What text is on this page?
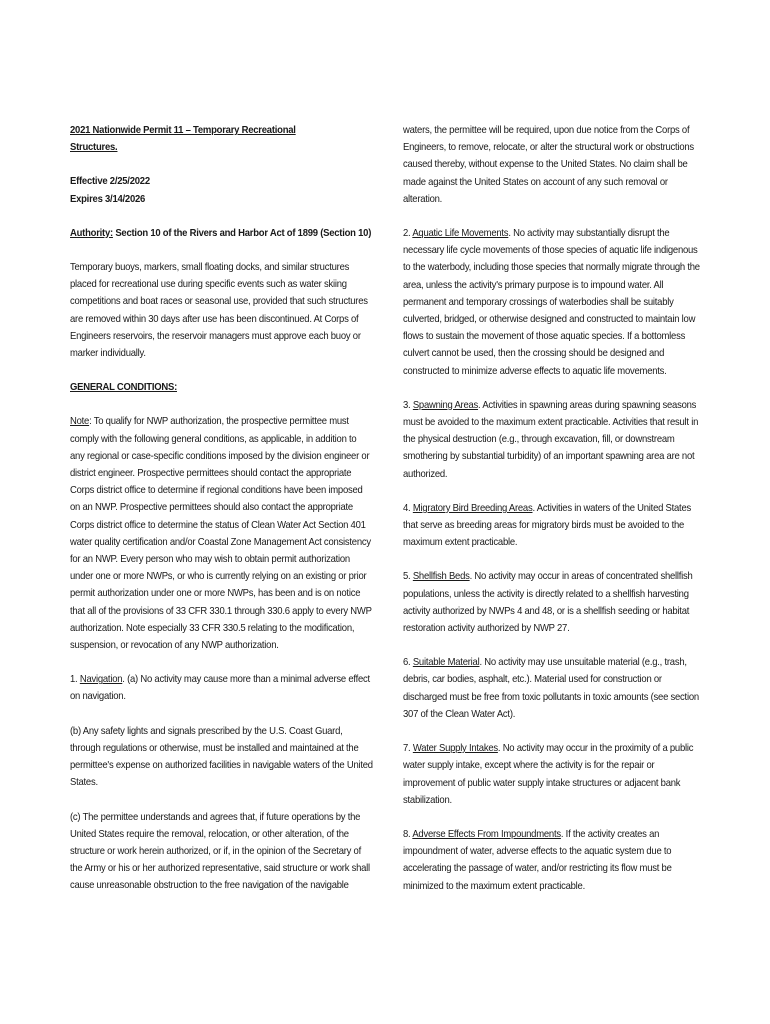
2021 Nationwide Permit 11 – Temporary Recreational
Structures.

Effective 2/25/2022
Expires 3/14/2026

Authority: Section 10 of the Rivers and Harbor Act of 1899 (Section 10)

Temporary buoys, markers, small floating docks, and similar structures placed for recreational use during specific events such as water skiing competitions and boat races or seasonal use, provided that such structures are removed within 30 days after use has been discontinued. At Corps of Engineers reservoirs, the reservoir managers must approve each buoy or marker individually.

GENERAL CONDITIONS:

Note: To qualify for NWP authorization, the prospective permittee must comply with the following general conditions, as applicable, in addition to any regional or case-specific conditions imposed by the division engineer or district engineer. Prospective permittees should contact the appropriate Corps district office to determine if regional conditions have been imposed on an NWP. Prospective permittees should also contact the appropriate Corps district office to determine the status of Clean Water Act Section 401 water quality certification and/or Coastal Zone Management Act consistency for an NWP. Every person who may wish to obtain permit authorization under one or more NWPs, or who is currently relying on an existing or prior permit authorization under one or more NWPs, has been and is on notice that all of the provisions of 33 CFR 330.1 through 330.6 apply to every NWP authorization. Note especially 33 CFR 330.5 relating to the modification, suspension, or revocation of any NWP authorization.

1. Navigation. (a) No activity may cause more than a minimal adverse effect on navigation.

(b) Any safety lights and signals prescribed by the U.S. Coast Guard, through regulations or otherwise, must be installed and maintained at the permittee's expense on authorized facilities in navigable waters of the United States.

(c) The permittee understands and agrees that, if future operations by the United States require the removal, relocation, or other alteration, of the structure or work herein authorized, or if, in the opinion of the Secretary of the Army or his or her authorized representative, said structure or work shall cause unreasonable obstruction to the free navigation of the navigable

waters, the permittee will be required, upon due notice from the Corps of Engineers, to remove, relocate, or alter the structural work or obstructions caused thereby, without expense to the United States. No claim shall be made against the United States on account of any such removal or alteration.

2. Aquatic Life Movements. No activity may substantially disrupt the necessary life cycle movements of those species of aquatic life indigenous to the waterbody, including those species that normally migrate through the area, unless the activity's primary purpose is to impound water. All permanent and temporary crossings of waterbodies shall be suitably culverted, bridged, or otherwise designed and constructed to maintain low flows to sustain the movement of those aquatic species. If a bottomless culvert cannot be used, then the crossing should be designed and constructed to minimize adverse effects to aquatic life movements.

3. Spawning Areas. Activities in spawning areas during spawning seasons must be avoided to the maximum extent practicable. Activities that result in the physical destruction (e.g., through excavation, fill, or downstream smothering by substantial turbidity) of an important spawning area are not authorized.

4. Migratory Bird Breeding Areas. Activities in waters of the United States that serve as breeding areas for migratory birds must be avoided to the maximum extent practicable.

5. Shellfish Beds. No activity may occur in areas of concentrated shellfish populations, unless the activity is directly related to a shellfish harvesting activity authorized by NWPs 4 and 48, or is a shellfish seeding or habitat restoration activity authorized by NWP 27.

6. Suitable Material. No activity may use unsuitable material (e.g., trash, debris, car bodies, asphalt, etc.). Material used for construction or discharged must be free from toxic pollutants in toxic amounts (see section 307 of the Clean Water Act).

7. Water Supply Intakes. No activity may occur in the proximity of a public water supply intake, except where the activity is for the repair or improvement of public water supply intake structures or adjacent bank stabilization.

8. Adverse Effects From Impoundments. If the activity creates an impoundment of water, adverse effects to the aquatic system due to accelerating the passage of water, and/or restricting its flow must be minimized to the maximum extent practicable.
